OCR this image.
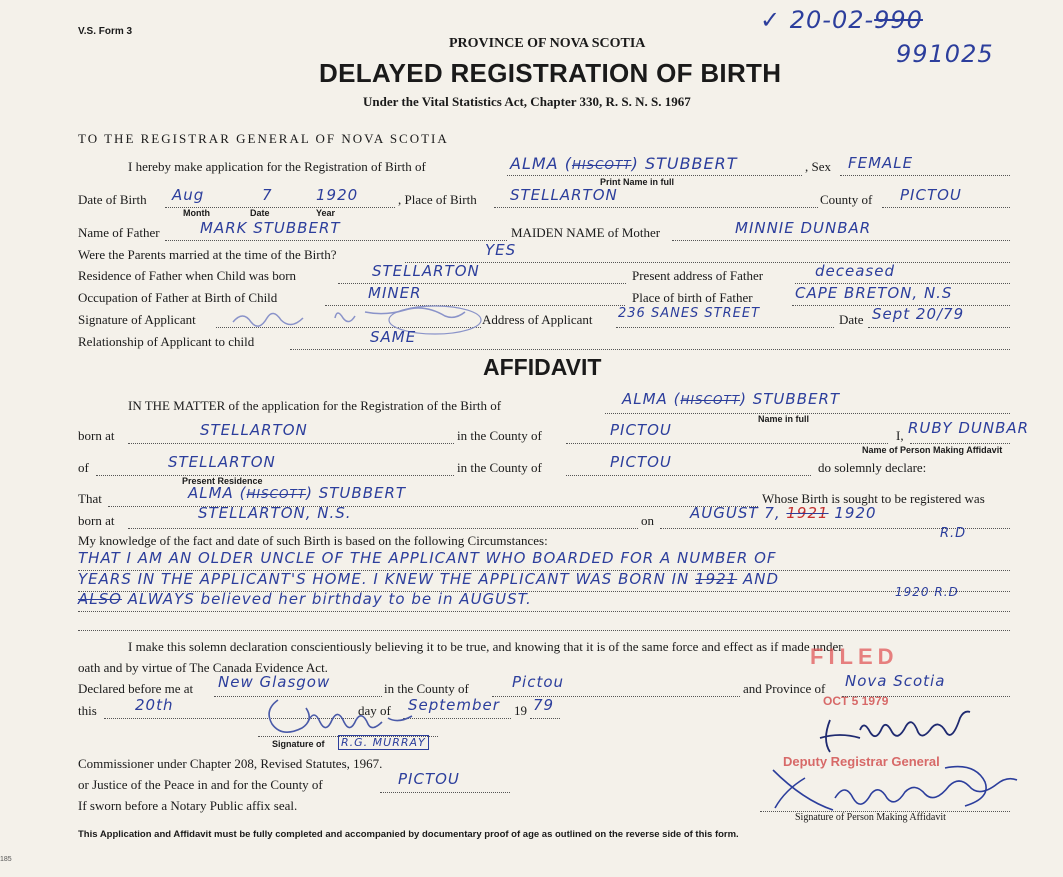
V.S. Form 3
PROVINCE OF NOVA SCOTIA
DELAYED REGISTRATION OF BIRTH
Under the Vital Statistics Act, Chapter 330, R. S. N. S. 1967
✓ 20-02-990
991025
TO THE REGISTRAR GENERAL OF NOVA SCOTIA
I hereby make application for the Registration of Birth of	ALMA (HISCOTT) STUBBERT
Print Name in full
, Sex FEMALE
Date of Birth Aug	7	1920
Month	Date	Year
, Place of Birth STELLARTON	County of PICTOU
Name of Father	MARK STUBBERT	MAIDEN NAME of Mother	MINNIE DUNBAR
Were the Parents married at the time of the Birth?	YES
Residence of Father when Child was born	STELLARTON	Present address of Father	deceased
Occupation of Father at Birth of Child	MINER	Place of birth of Father	CAPE BRETON, N.S
Signature of Applicant	Address of Applicant 236 SANES STREET	Date Sept 20/79
Relationship of Applicant to child	SAME
AFFIDAVIT
IN THE MATTER of the application for the Registration of the Birth of	ALMA (HISCOTT) STUBBERT
Name in full
born at	STELLARTON	in the County of	PICTOU	I, RUBY DUNBAR
Name of Person Making Affidavit
of	STELLARTON
Present Residence
in the County of	PICTOU	do solemnly declare:
That	ALMA (HISCOTT) STUBBERT	Whose Birth is sought to be registered was
born at	STELLARTON, N.S.	on AUGUST 7, 1921 1920
R.D
My knowledge of the fact and date of such Birth is based on the following Circumstances:
THAT I AM AN OLDER UNCLE OF THE APPLICANT WHO BOARDED FOR A NUMBER OF
YEARS IN THE APPLICANT'S HOME. I KNEW THE APPLICANT WAS BORN IN 1921 AND
ALSO ALWAYS believed her birthday to be in AUGUST.	1920 R.D
I make this solemn declaration conscientiously believing it to be true, and knowing that it is of the same force and effect as if made under
oath and by virtue of The Canada Evidence Act.	FILED
OCT 5 1979
Declared before me at New Glasgow	in the County of	Pictou	and Province of Nova Scotia
this	20th	day of September 19 79
Signature of R.G. MURRAY
Commissioner under Chapter 208, Revised Statutes, 1967.
or Justice of the Peace in and for the County of	PICTOU
If sworn before a Notary Public affix seal.
Deputy Registrar General
Signature of Person Making Affidavit
This Application and Affidavit must be fully completed and accompanied by documentary proof of age as outlined on the reverse side of this form.
185
